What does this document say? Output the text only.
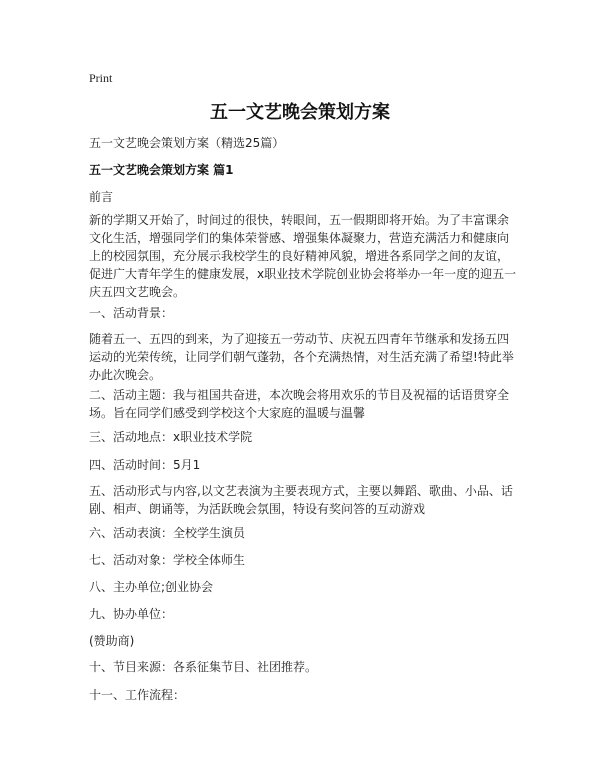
Print
五一文艺晚会策划方案
五一文艺晚会策划方案（精选25篇）
五一文艺晚会策划方案 篇1
前言
新的学期又开始了，时间过的很快，转眼间，五一假期即将开始。为了丰富课余文化生活，增强同学们的集体荣誉感、增强集体凝聚力，营造充满活力和健康向上的校园氛围，充分展示我校学生的良好精神风貌，增进各系同学之间的友谊，促进广大青年学生的健康发展，x职业技术学院创业协会将举办一年一度的迎五一庆五四文艺晚会。
一、活动背景：
随着五一、五四的到来，为了迎接五一劳动节、庆祝五四青年节继承和发扬五四运动的光荣传统，让同学们朝气蓬勃，各个充满热情，对生活充满了希望!特此举办此次晚会。
二、活动主题：我与祖国共奋进，本次晚会将用欢乐的节目及祝福的话语贯穿全场。旨在同学们感受到学校这个大家庭的温暖与温馨
三、活动地点：x职业技术学院
四、活动时间：5月1
五、活动形式与内容,以文艺表演为主要表现方式，主要以舞蹈、歌曲、小品、话剧、相声、朗诵等，为活跃晚会氛围，特设有奖问答的互动游戏
六、活动表演：全校学生演员
七、活动对象：学校全体师生
八、主办单位;创业协会
九、协办单位：
(赞助商)
十、节目来源：各系征集节目、社团推荐。
十一、工作流程：
